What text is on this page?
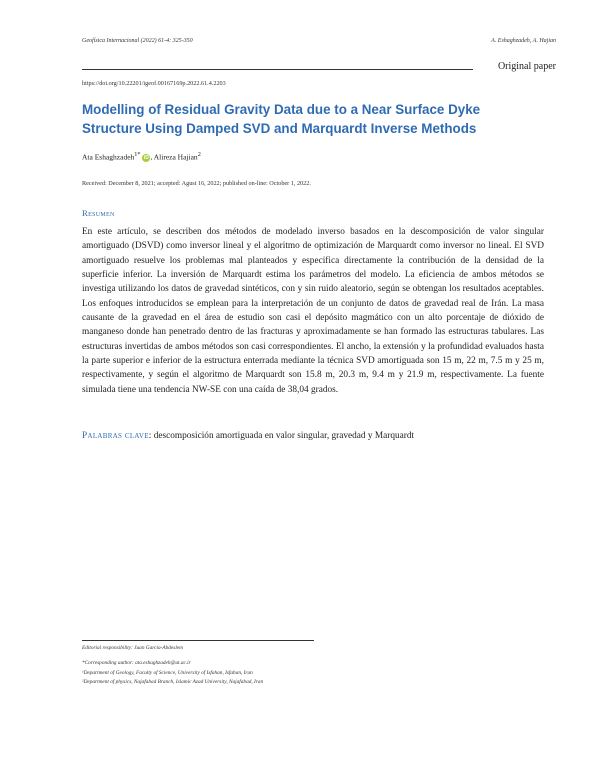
Geofísica Internacional (2022) 61-4: 325-350	A. Eshaghzadeh, A. Hajian
Original paper
https://doi.org/10.22201/igeof.00167169p.2022.61.4.2203
Modelling of Residual Gravity Data due to a Near Surface Dyke Structure Using Damped SVD and Marquardt Inverse Methods
Ata Eshaghzadeh$^{1*}$ iD , Alireza Hajian$^2$
Received: December 8, 2021; accepted: Agust 16, 2022; published on-line: October 1, 2022.
Resumen

En este artículo, se describen dos métodos de modelado inverso basados en la descomposición de valor singular amortiguado (DSVD) como inversor lineal y el algoritmo de optimización de Marquardt como inversor no lineal. El SVD amortiguado resuelve los problemas mal planteados y especifica directamente la contribución de la densidad de la superficie inferior. La inversión de Marquardt estima los parámetros del modelo. La eficiencia de ambos métodos se investiga utilizando los datos de gravedad sintéticos, con y sin ruido aleatorio, según se obtengan los resultados aceptables. Los enfoques introducidos se emplean para la interpretación de un conjunto de datos de gravedad real de Irán. La masa causante de la gravedad en el área de estudio son casi el depósito magmático con un alto porcentaje de dióxido de manganeso donde han penetrado dentro de las fracturas y aproximadamente se han formado las estructuras tabulares. Las estructuras invertidas de ambos métodos son casi correspondientes. El ancho, la extensión y la profundidad evaluados hasta la parte superior e inferior de la estructura enterrada mediante la técnica SVD amortiguada son 15 m, 22 m, 7.5 m y 25 m, respectivamente, y según el algoritmo de Marquardt son 15.8 m, 20.3 m, 9.4 m y 21.9 m, respectivamente. La fuente simulada tiene una tendencia NW-SE con una caída de 38,04 grados.

Palabras clave: descomposición amortiguada en valor singular, gravedad y Marquardt
Editorial responsibility: Juan García-Abdeslem
*Corresponding author: ata.eshaghzadeh@ut.ac.ir
¹Department of Geology, Faculty of Science, University of Isfahan, Isfahan, Iran
²Department of physics, Najafabad Branch, Islamic Azad University, Najafabad, Iran
